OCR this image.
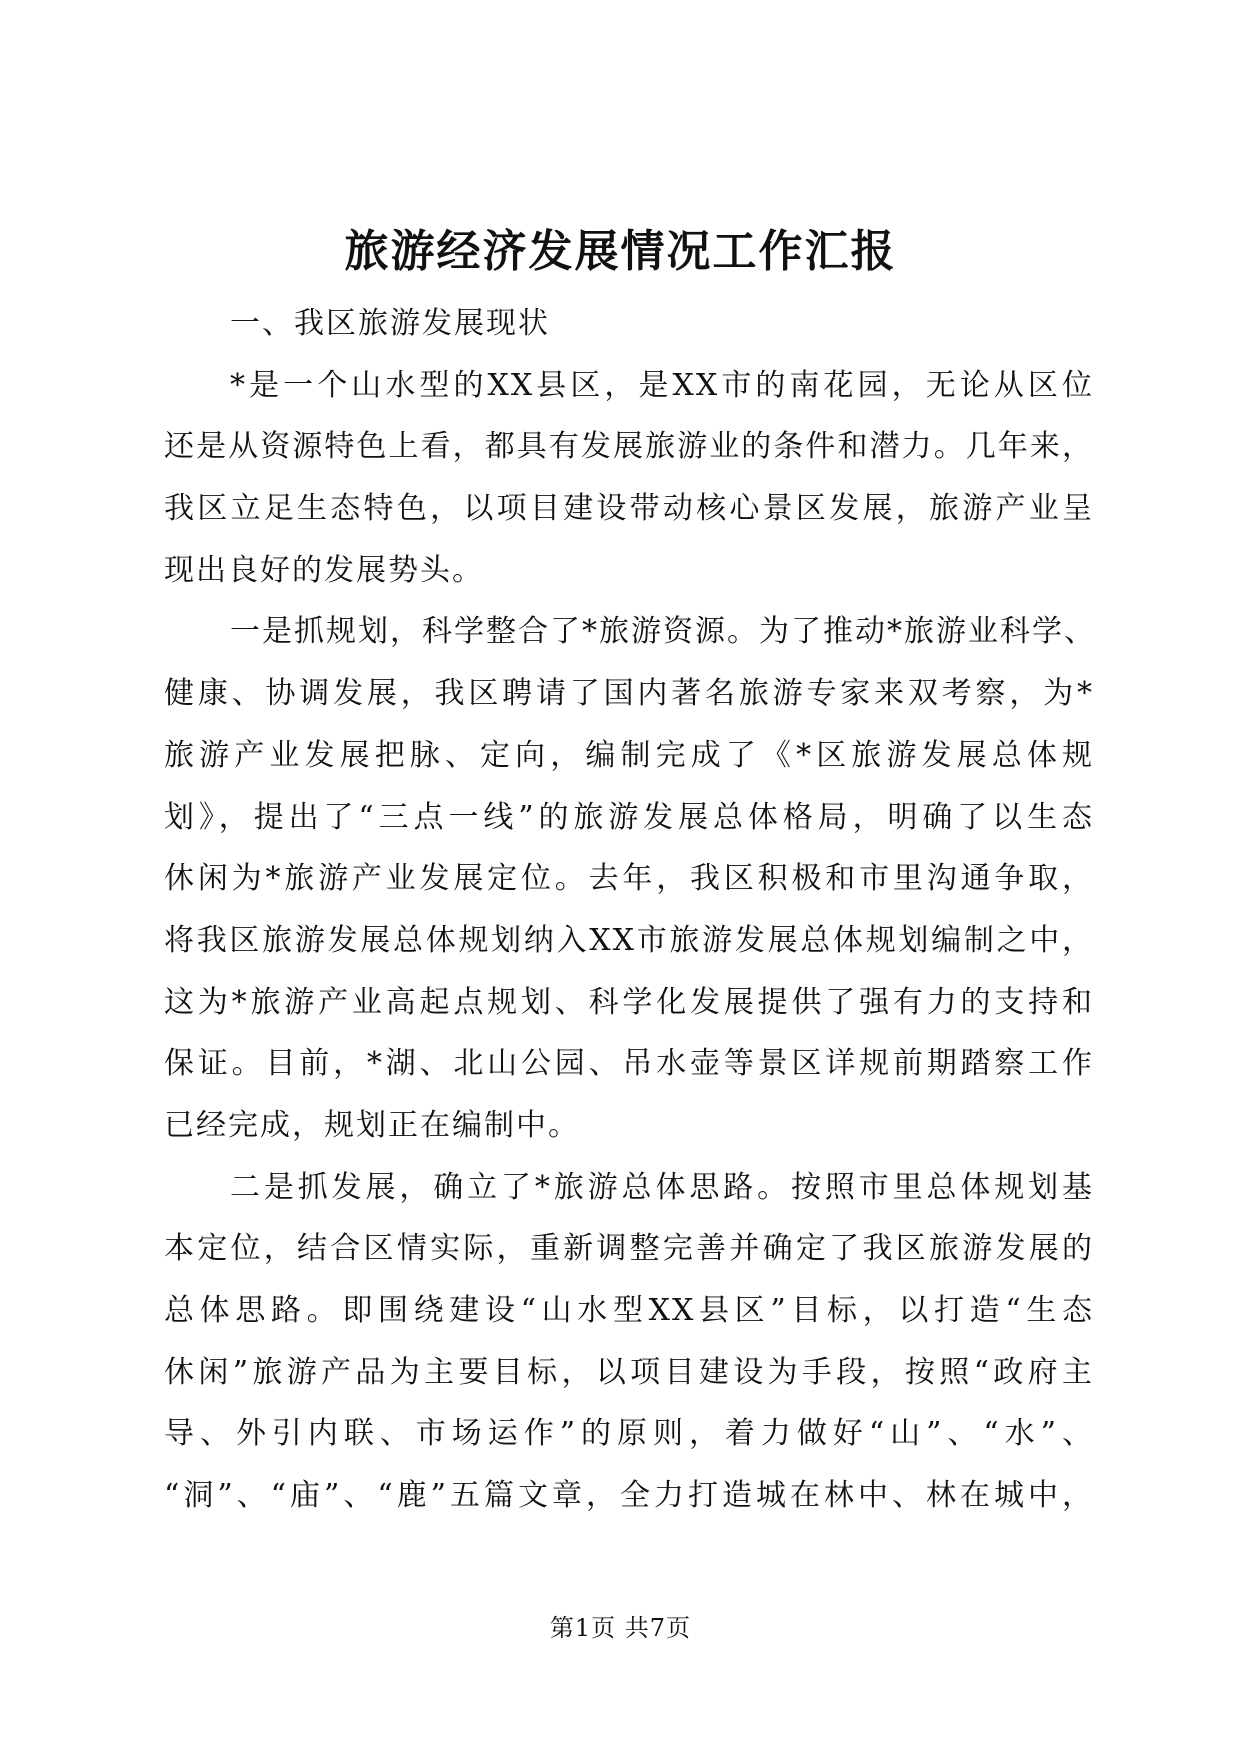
旅游经济发展情况工作汇报
一、我区旅游发展现状
*是一个山水型的XX县区，是XX市的南花园，无论从区位
还是从资源特色上看，都具有发展旅游业的条件和潜力。几年来，
我区立足生态特色，以项目建设带动核心景区发展，旅游产业呈
现出良好的发展势头。
一是抓规划，科学整合了*旅游资源。为了推动*旅游业科学、
健康、协调发展，我区聘请了国内著名旅游专家来双考察，为*
旅游产业发展把脉、定向，编制完成了《*区旅游发展总体规
划》，提出了“三点一线”的旅游发展总体格局，明确了以生态
休闲为*旅游产业发展定位。去年，我区积极和市里沟通争取，
将我区旅游发展总体规划纳入XX市旅游发展总体规划编制之中，
这为*旅游产业高起点规划、科学化发展提供了强有力的支持和
保证。目前，*湖、北山公园、吊水壶等景区详规前期踏察工作
已经完成，规划正在编制中。
二是抓发展，确立了*旅游总体思路。按照市里总体规划基
本定位，结合区情实际，重新调整完善并确定了我区旅游发展的
总体思路。即围绕建设“山水型XX县区”目标，以打造“生态
休闲”旅游产品为主要目标，以项目建设为手段，按照“政府主
导、外引内联、市场运作”的原则，着力做好“山”、“水”、
“洞”、“庙”、“鹿”五篇文章，全力打造城在林中、林在城中，
第1页 共7页
